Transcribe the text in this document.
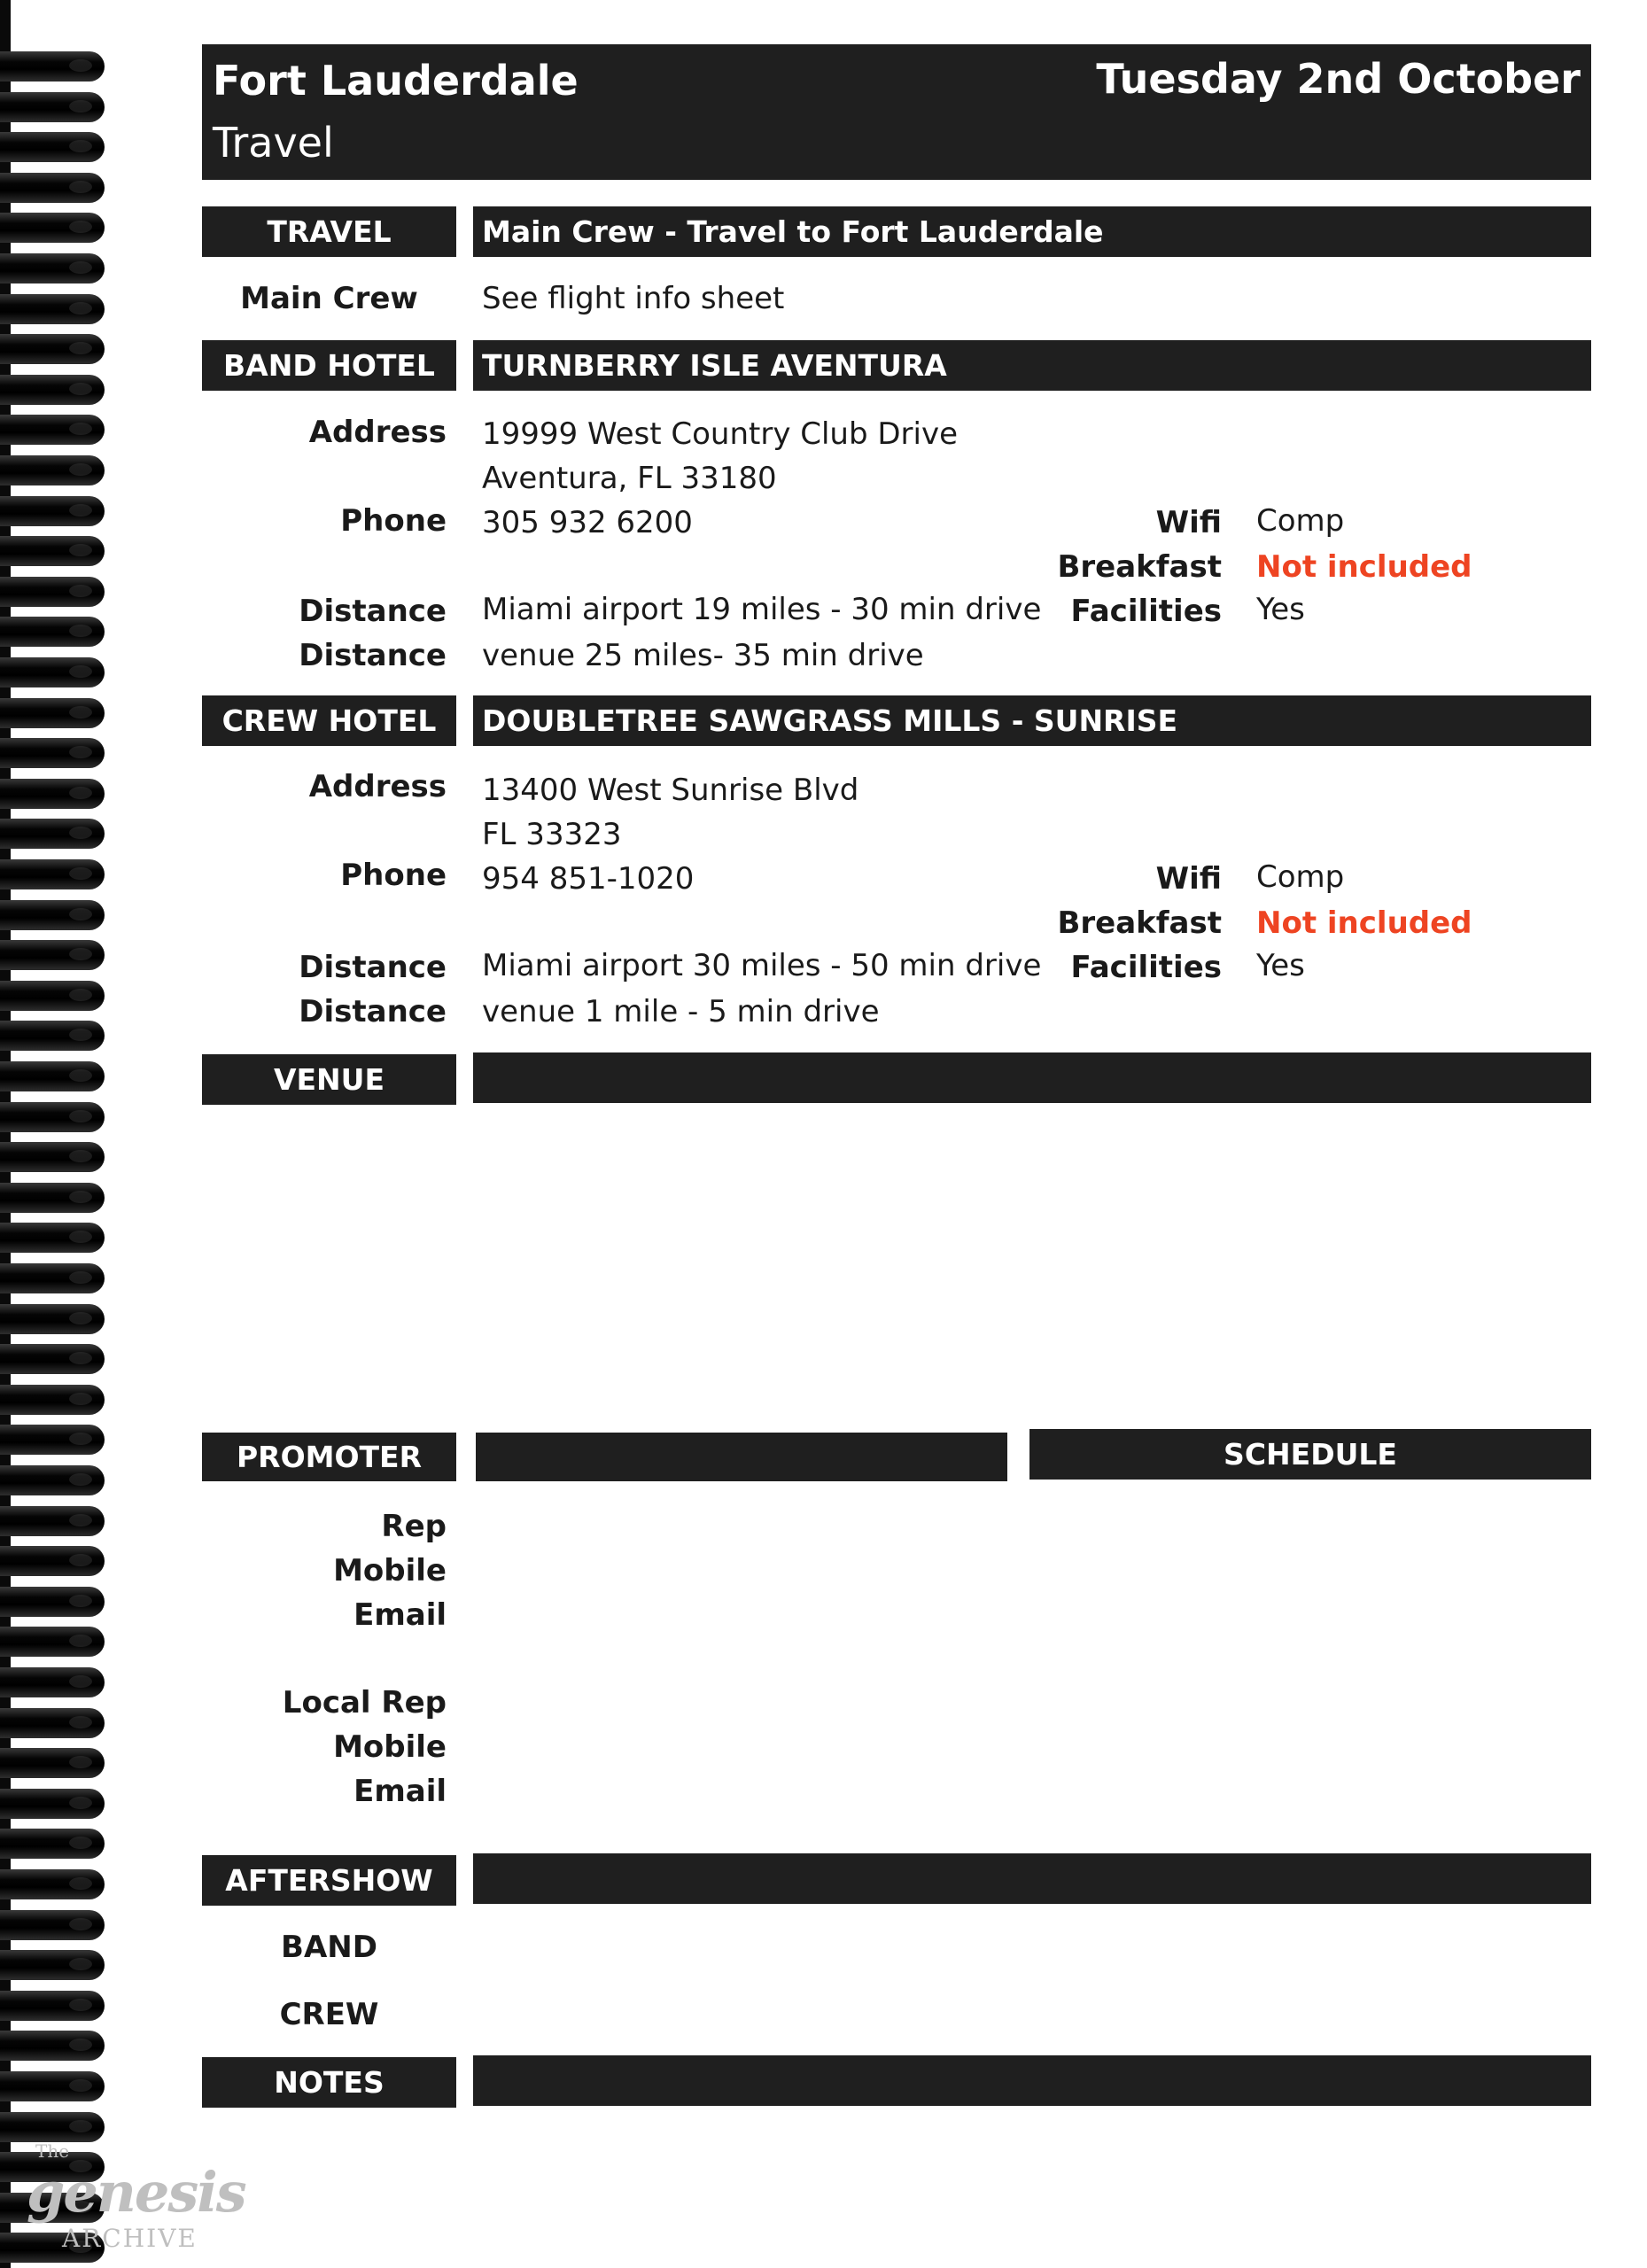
Fort Lauderdale	Tuesday 2nd October
Travel
TRAVEL	Main Crew - Travel to Fort Lauderdale
Main Crew	See flight info sheet
BAND HOTEL	TURNBERRY ISLE AVENTURA
Address 19999 West Country Club Drive
Aventura, FL 33180
Phone 305 932 6200
Distance Miami airport 19 miles - 30 min drive
Distance venue 25 miles- 35 min drive
Wifi Comp
Breakfast Not included
Facilities Yes
CREW HOTEL	DOUBLETREE SAWGRASS MILLS - SUNRISE
Address 13400 West Sunrise Blvd
FL 33323
Phone 954 851-1020
Distance Miami airport 30 miles - 50 min drive
Distance venue 1 mile - 5 min drive
Wifi Comp
Breakfast Not included
Facilities Yes
VENUE
PROMOTER	SCHEDULE
Rep
Mobile
Email
Local Rep
Mobile
Email
AFTERSHOW
BAND
CREW
NOTES
The
genesis
ARCHIVE
